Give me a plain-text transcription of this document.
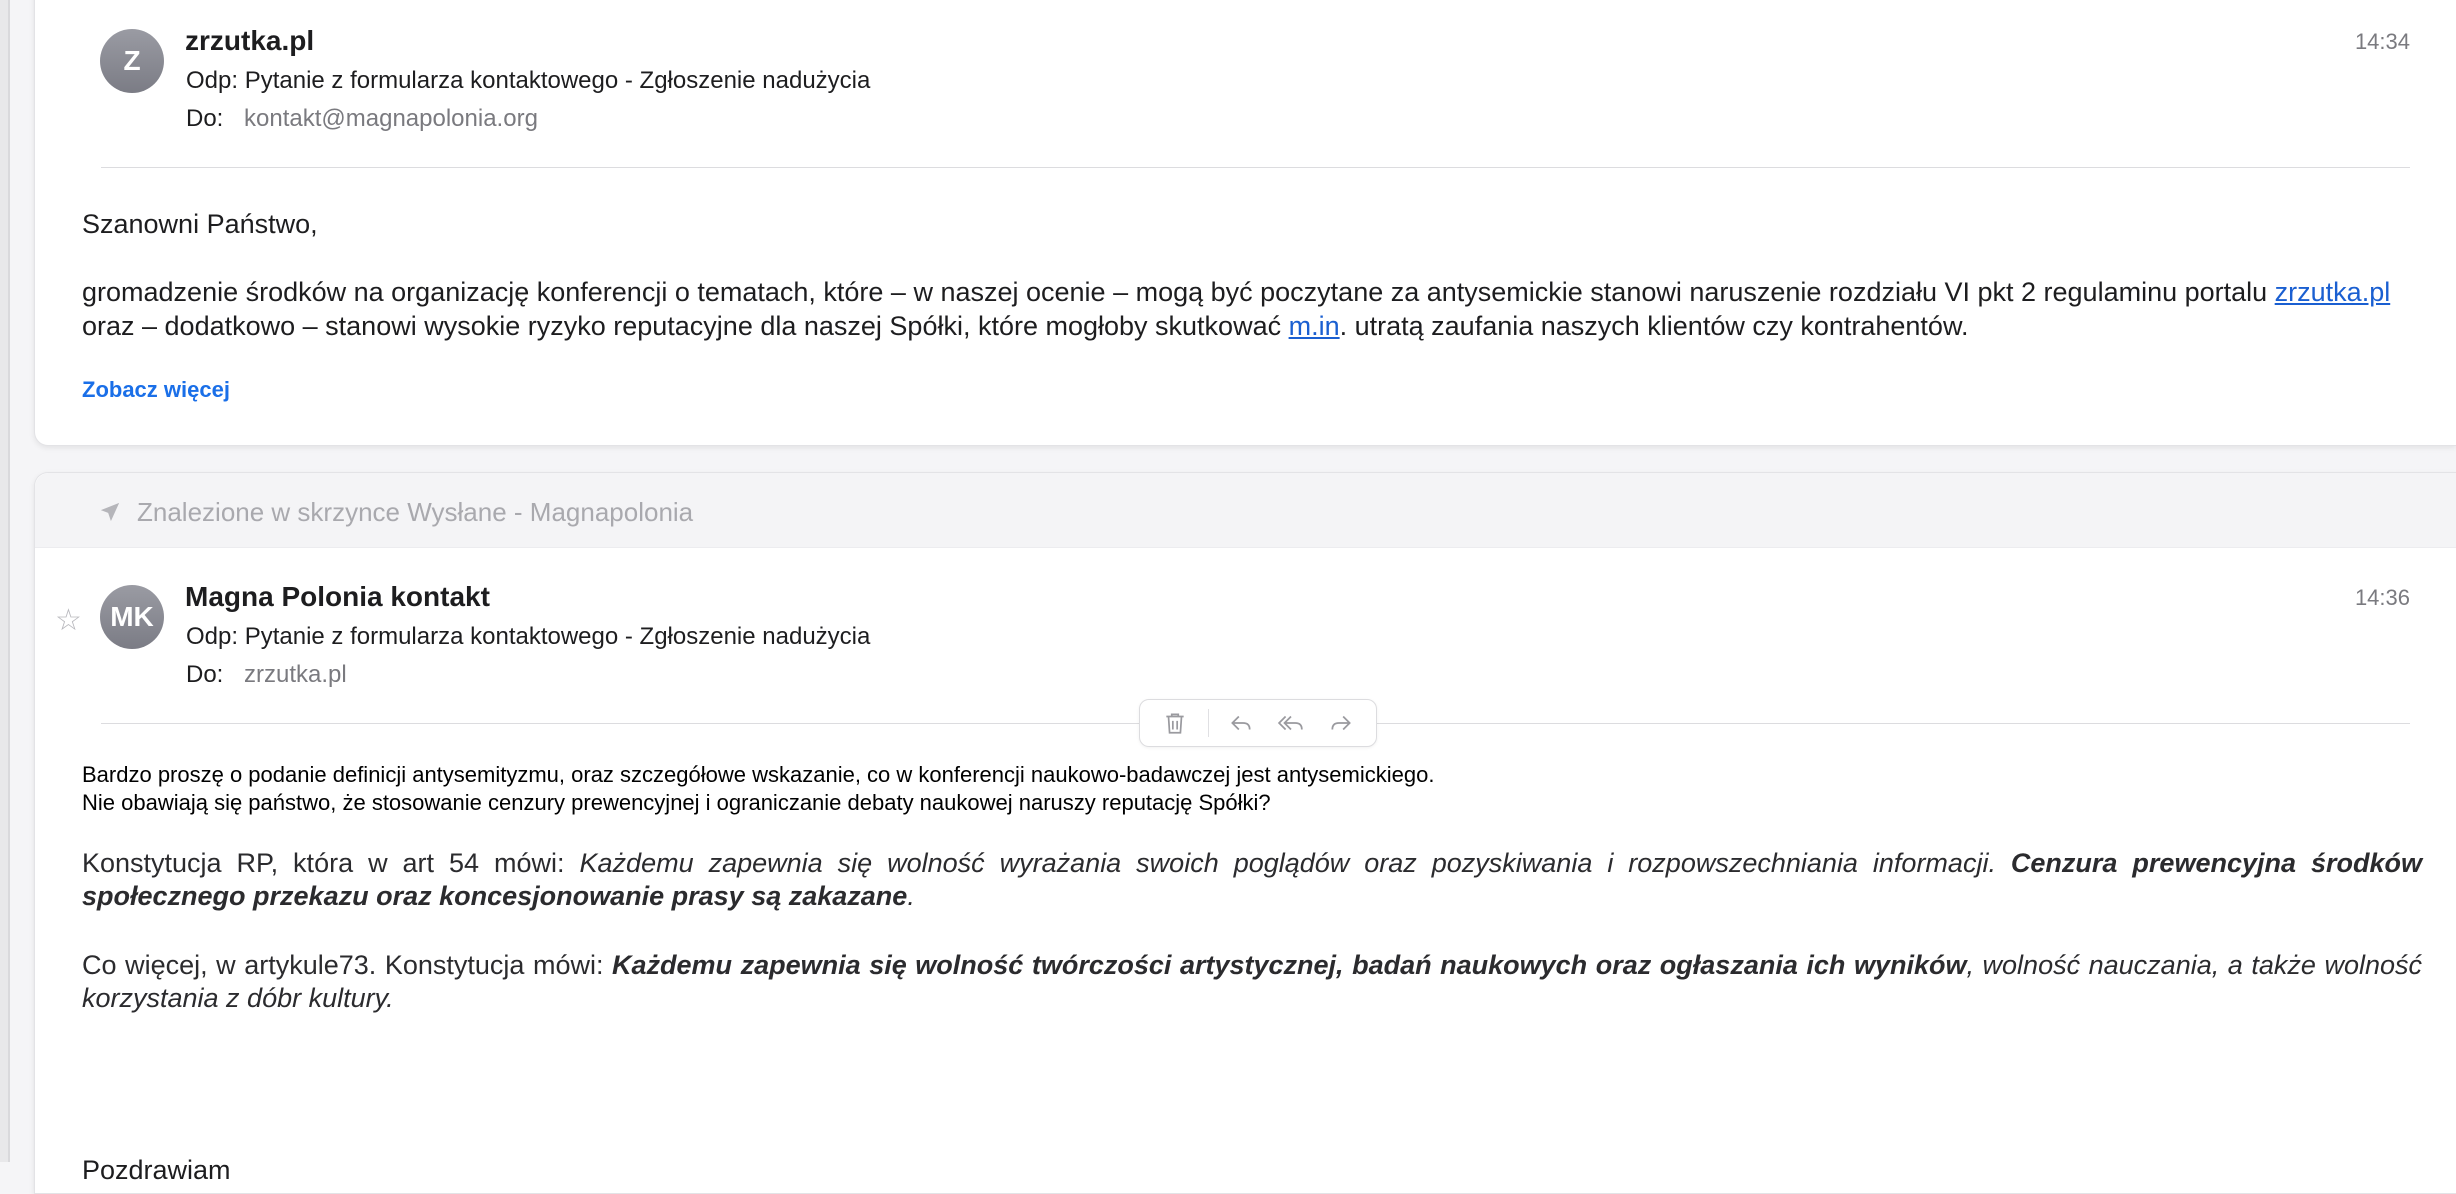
Z
zrzutka.pl
Odp: Pytanie z formularza kontaktowego - Zgłoszenie nadużycia
Do: kontakt@magnapolonia.org
14:34
Szanowni Państwo,
gromadzenie środków na organizację konferencji o tematach, które – w naszej ocenie – mogą być poczytane za antysemickie stanowi naruszenie rozdziału VI pkt 2 regulaminu portalu zrzutka.pl oraz – dodatkowo – stanowi wysokie ryzyko reputacyjne dla naszej Spółki, które mogłoby skutkować m.in. utratą zaufania naszych klientów czy kontrahentów.
Zobacz więcej
Znalezione w skrzynce Wysłane - Magnapolonia
☆	MK
Magna Polonia kontakt
Odp: Pytanie z formularza kontaktowego - Zgłoszenie nadużycia
Do: zrzutka.pl
14:36
Bardzo proszę o podanie definicji antysemityzmu, oraz szczegółowe wskazanie, co w konferencji naukowo-badawczej jest antysemickiego.
Nie obawiają się państwo, że stosowanie cenzury prewencyjnej i ograniczanie debaty naukowej naruszy reputację Spółki?
Konstytucja RP, która w art 54 mówi: Każdemu zapewnia się wolność wyrażania swoich poglądów oraz pozyskiwania i rozpowszechniania informacji. Cenzura prewencyjna środków społecznego przekazu oraz koncesjonowanie prasy są zakazane.
Co więcej, w artykule73. Konstytucja mówi: Każdemu zapewnia się wolność twórczości artystycznej, badań naukowych oraz ogłaszania ich wyników, wolność nauczania, a także wolność korzystania z dóbr kultury.
Pozdrawiam
